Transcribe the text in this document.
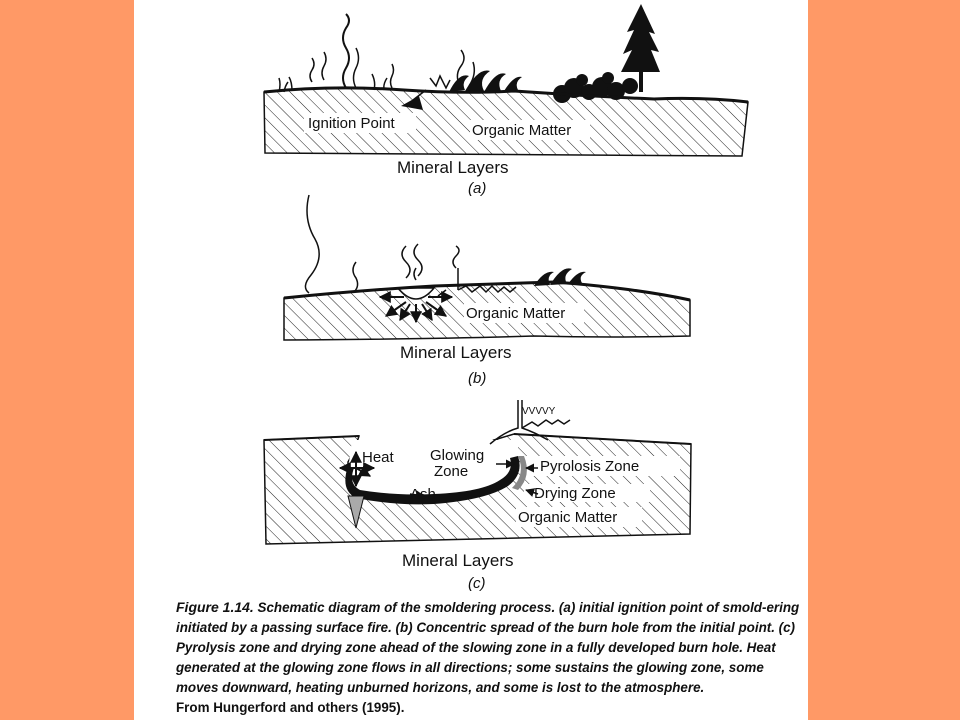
Ignition Point	Organic Matter
Mineral Layers
(a)
Organic Matter
Mineral Layers
(b)
VVVVY
Heat Glowing
Zone	Pyrolosis Zone
Ash	Drying Zone
Organic Matter
Mineral Layers
(c)
Figure 1.14. Schematic diagram of the smoldering process. (a) initial ignition point of smold-ering initiated by a passing surface fire. (b) Concentric spread of the burn hole from the initial point. (c) Pyrolysis zone and drying zone ahead of the slowing zone in a fully developed burn hole. Heat generated at the glowing zone flows in all directions; some sustains the glowing zone, some moves downward, heating unburned horizons, and some is lost to the atmosphere.
From Hungerford and others (1995).
